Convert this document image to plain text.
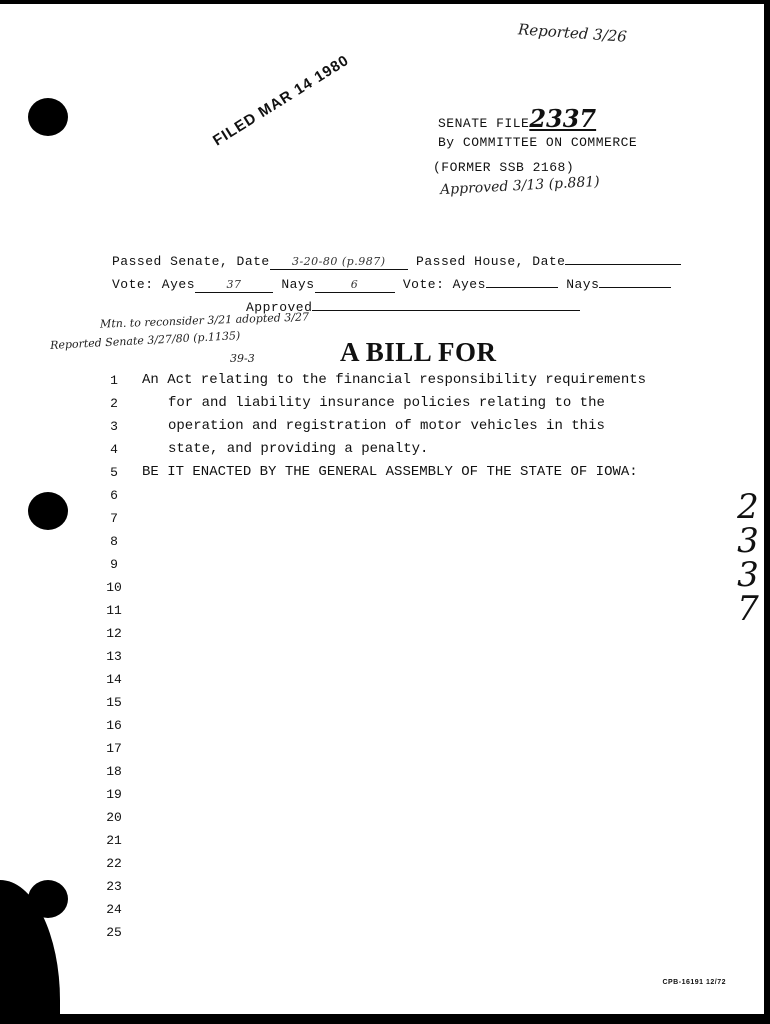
Reported 3/26
FILED MAR 14 1980	SENATE FILE2337
By COMMITTEE ON COMMERCE
(FORMER SSB 2168)
Approved 3/13 (p.881)
Passed Senate, Date 3-20-80 (p.987) Passed House, Date
Vote: Ayes	37	Nays	6	Vote: Ayes	Nays
Approved
Mtn. to reconsider 3/21 adopted 3/27
Reported Senate 3/27/80 (p.1135)
39-3	A BILL FOR
1
2
3
4
5
6
7
8
9
10
11
12
13
14
15
16
17
18
19
20
21
22
23
24
25
An Act relating to the financial responsibility requirements
for and liability insurance policies relating to the
operation and registration of motor vehicles in this
state, and providing a penalty.
BE IT ENACTED BY THE GENERAL ASSEMBLY OF THE STATE OF IOWA:
2
3
3
7
CPB-16191 12/72
